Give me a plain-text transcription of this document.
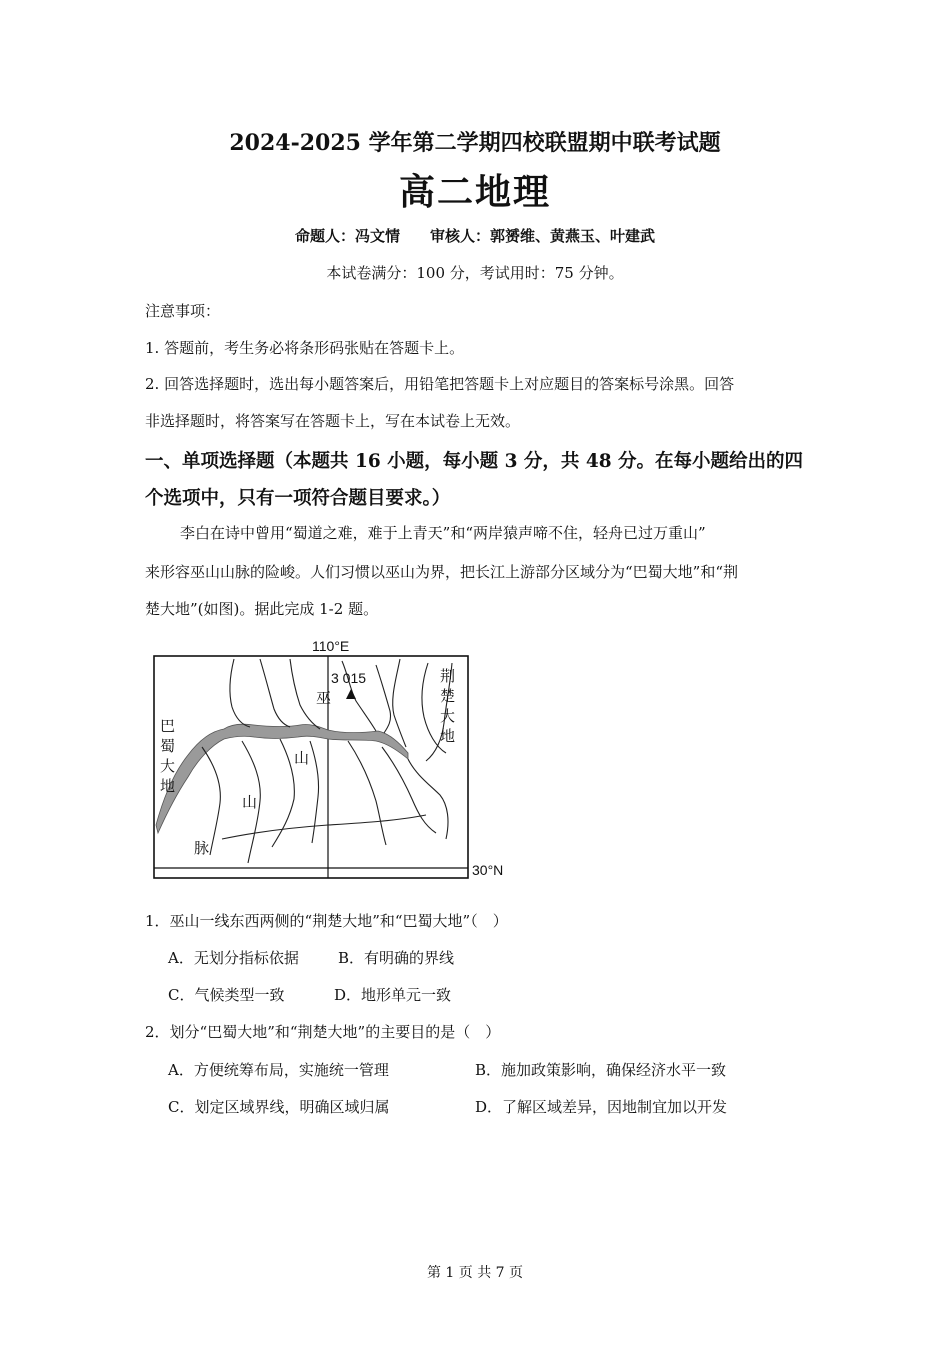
2024-2025 学年第二学期四校联盟期中联考试题
高二地理
命题人：冯文情　　审核人：郭赟维、黄燕玉、叶建武
本试卷满分：100 分，考试用时：75 分钟。
注意事项：
1. 答题前，考生务必将条形码张贴在答题卡上。
2. 回答选择题时，选出每小题答案后，用铅笔把答题卡上对应题目的答案标号涂黑。回答
非选择题时，将答案写在答题卡上，写在本试卷上无效。
一、单项选择题（本题共 16 小题，每小题 3 分，共 48 分。在每小题给出的四
个选项中，只有一项符合题目要求。）
李白在诗中曾用“蜀道之难，难于上青天”和“两岸猿声啼不住，轻舟已过万重山”
来形容巫山山脉的险峻。人们习惯以巫山为界，把长江上游部分区域分为“巴蜀大地”和“荆
楚大地”(如图)。据此完成 1-2 题。
110°E
30°N
3 015
巴
蜀
大
地
荆
楚
大
地
巫
山
山
脉
1．巫山一线东西两侧的“荆楚大地”和“巴蜀大地”（　）
A．无划分指标依据	B．有明确的界线
C．气候类型一致	D．地形单元一致
2．划分“巴蜀大地”和“荆楚大地”的主要目的是（　）
A．方便统筹布局，实施统一管理	B．施加政策影响，确保经济水平一致
C．划定区域界线，明确区域归属	D．了解区域差异，因地制宜加以开发
第 1 页 共 7 页
